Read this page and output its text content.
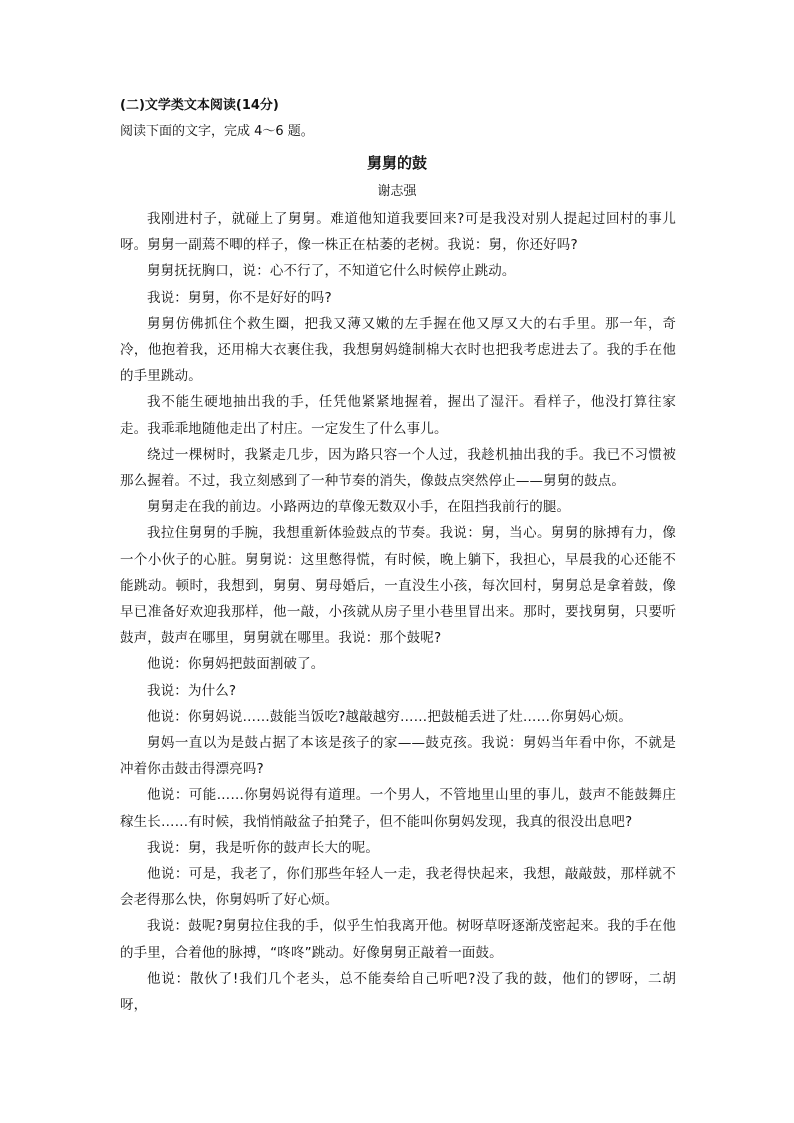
(二)文学类文本阅读(14分)
阅读下面的文字，完成 4～6 题。
舅舅的鼓
谢志强

我刚进村子，就碰上了舅舅。难道他知道我要回来?可是我没对别人提起过回村的事儿呀。舅舅一副蔫不唧的样子，像一株正在枯萎的老树。我说：舅，你还好吗?

舅舅抚抚胸口，说：心不行了，不知道它什么时候停止跳动。

我说：舅舅，你不是好好的吗?

舅舅仿佛抓住个救生圈，把我又薄又嫩的左手握在他又厚又大的右手里。那一年，奇冷，他抱着我，还用棉大衣裹住我，我想舅妈缝制棉大衣时也把我考虑进去了。我的手在他的手里跳动。

我不能生硬地抽出我的手，任凭他紧紧地握着，握出了湿汗。看样子，他没打算往家走。我乖乖地随他走出了村庄。一定发生了什么事儿。

绕过一棵树时，我紧走几步，因为路只容一个人过，我趁机抽出我的手。我已不习惯被那么握着。不过，我立刻感到了一种节奏的消失，像鼓点突然停止——舅舅的鼓点。

舅舅走在我的前边。小路两边的草像无数双小手，在阻挡我前行的腿。

我拉住舅舅的手腕，我想重新体验鼓点的节奏。我说：舅，当心。舅舅的脉搏有力，像一个小伙子的心脏。舅舅说：这里憋得慌，有时候，晚上躺下，我担心，早晨我的心还能不能跳动。顿时，我想到，舅舅、舅母婚后，一直没生小孩，每次回村，舅舅总是拿着鼓，像早已准备好欢迎我那样，他一敲，小孩就从房子里小巷里冒出来。那时，要找舅舅，只要听鼓声，鼓声在哪里，舅舅就在哪里。我说：那个鼓呢?

他说：你舅妈把鼓面割破了。

我说：为什么?

他说：你舅妈说……鼓能当饭吃?越敲越穷……把鼓槌丢进了灶……你舅妈心烦。

舅妈一直以为是鼓占据了本该是孩子的家——鼓克孩。我说：舅妈当年看中你，不就是冲着你击鼓击得漂亮吗?

他说：可能……你舅妈说得有道理。一个男人，不管地里山里的事儿，鼓声不能鼓舞庄稼生长……有时候，我悄悄敲盆子拍凳子，但不能叫你舅妈发现，我真的很没出息吧?

我说：舅，我是听你的鼓声长大的呢。

他说：可是，我老了，你们那些年轻人一走，我老得快起来，我想，敲敲鼓，那样就不会老得那么快，你舅妈听了好心烦。

我说：鼓呢?舅舅拉住我的手，似乎生怕我离开他。树呀草呀逐渐茂密起来。我的手在他的手里，合着他的脉搏，“咚咚”跳动。好像舅舅正敲着一面鼓。

他说：散伙了!我们几个老头，总不能奏给自己听吧?没了我的鼓，他们的锣呀，二胡呀，
